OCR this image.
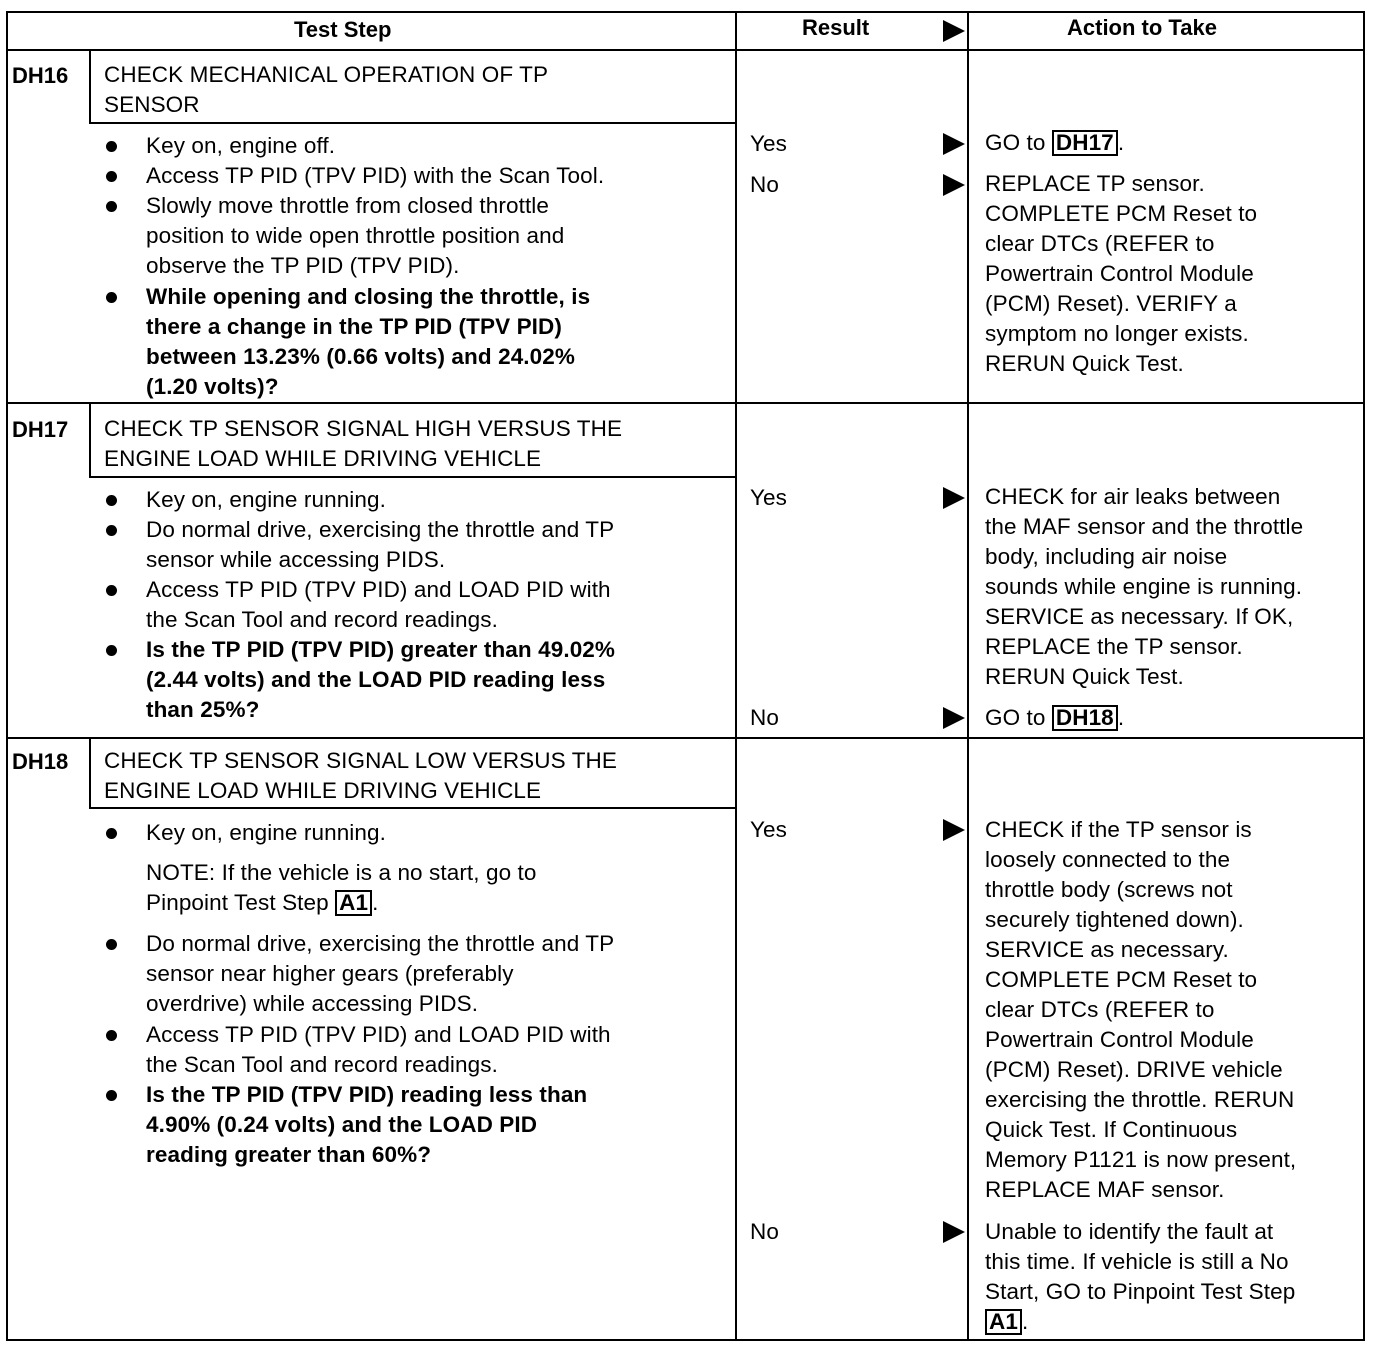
Test Step	Result	Action to Take
DH16 CHECK MECHANICAL OPERATION OF TP
SENSOR
Key on, engine off.
Access TP PID (TPV PID) with the Scan Tool.
Slowly move throttle from closed throttle
position to wide open throttle position and
observe the TP PID (TPV PID).
While opening and closing the throttle, is
there a change in the TP PID (TPV PID)
between 13.23% (0.66 volts) and 24.02%
(1.20 volts)?
Yes	GO to DH17 .
No	REPLACE TP sensor.
COMPLETE PCM Reset to
clear DTCs (REFER to
Powertrain Control Module
(PCM) Reset). VERIFY a
symptom no longer exists.
RERUN Quick Test.
DH17 CHECK TP SENSOR SIGNAL HIGH VERSUS THE
ENGINE LOAD WHILE DRIVING VEHICLE
Key on, engine running.
Do normal drive, exercising the throttle and TP
sensor while accessing PIDS.
Access TP PID (TPV PID) and LOAD PID with
the Scan Tool and record readings.
Is the TP PID (TPV PID) greater than 49.02%
(2.44 volts) and the LOAD PID reading less
than 25%?
Yes	CHECK for air leaks between
the MAF sensor and the throttle
body, including air noise
sounds while engine is running.
SERVICE as necessary. If OK,
REPLACE the TP sensor.
RERUN Quick Test.
No	GO to DH18 .
DH18 CHECK TP SENSOR SIGNAL LOW VERSUS THE
ENGINE LOAD WHILE DRIVING VEHICLE
Key on, engine running.
NOTE: If the vehicle is a no start, go to
Pinpoint Test Step A1 .
Do normal drive, exercising the throttle and TP
sensor near higher gears (preferably
overdrive) while accessing PIDS.
Access TP PID (TPV PID) and LOAD PID with
the Scan Tool and record readings.
Is the TP PID (TPV PID) reading less than
4.90% (0.24 volts) and the LOAD PID
reading greater than 60%?
Yes	CHECK if the TP sensor is
loosely connected to the
throttle body (screws not
securely tightened down).
SERVICE as necessary.
COMPLETE PCM Reset to
clear DTCs (REFER to
Powertrain Control Module
(PCM) Reset). DRIVE vehicle
exercising the throttle. RERUN
Quick Test. If Continuous
Memory P1121 is now present,
REPLACE MAF sensor.
No	Unable to identify the fault at
this time. If vehicle is still a No
Start, GO to Pinpoint Test Step
A1 .
